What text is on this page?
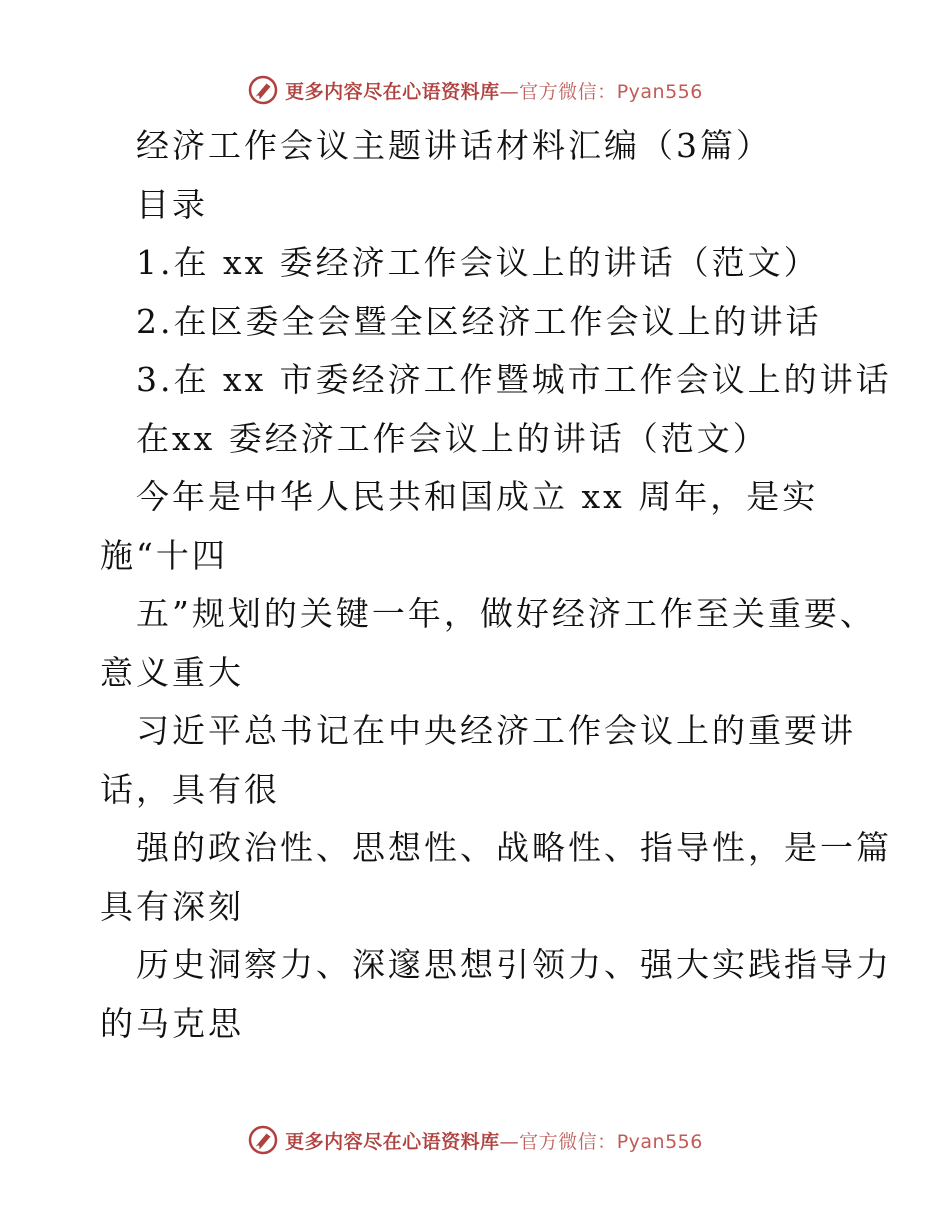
更多内容尽在心语资料库—官方微信：Pyan556
经济工作会议主题讲话材料汇编（3篇）
目录
1.在 xx 委经济工作会议上的讲话（范文）
2.在区委全会暨全区经济工作会议上的讲话
3.在 xx 市委经济工作暨城市工作会议上的讲话
在xx 委经济工作会议上的讲话（范文）
今年是中华人民共和国成立 xx 周年，是实
施“十四
五”规划的关键一年，做好经济工作至关重要、
意义重大
习近平总书记在中央经济工作会议上的重要讲
话，具有很
强的政治性、思想性、战略性、指导性，是一篇
具有深刻
历史洞察力、深邃思想引领力、强大实践指导力
的马克思
更多内容尽在心语资料库—官方微信：Pyan556
